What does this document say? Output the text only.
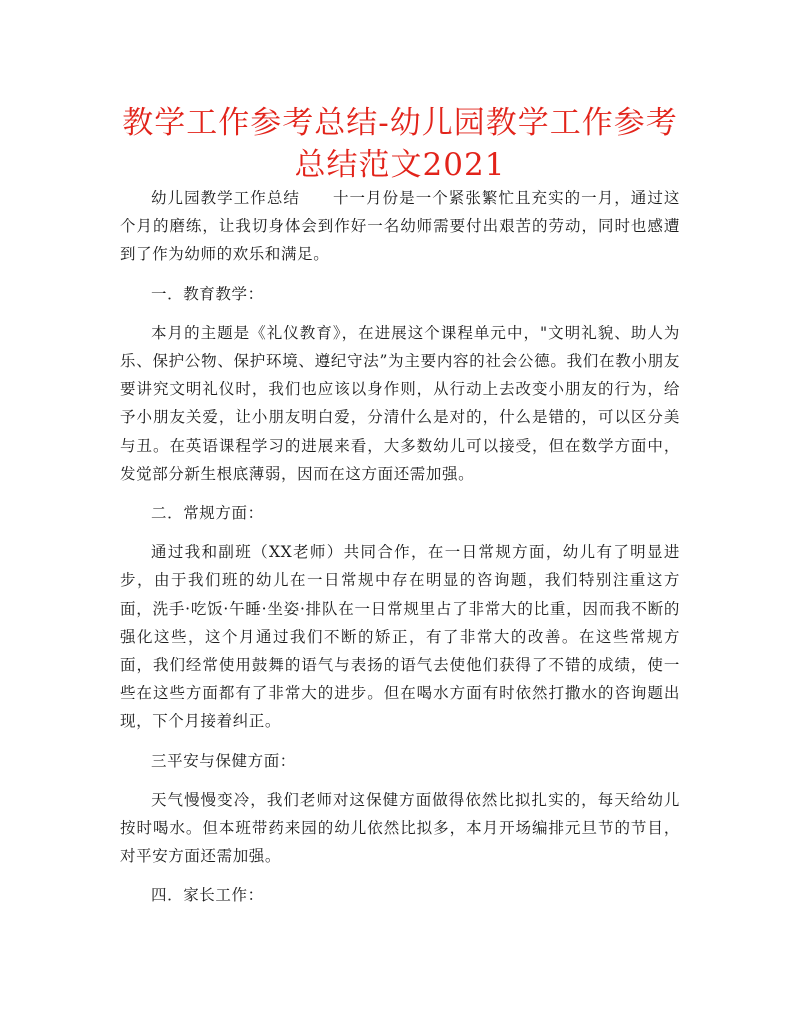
教学工作参考总结-幼儿园教学工作参考总结范文2021

幼儿园教学工作总结　　十一月份是一个紧张繁忙且充实的一月，通过这个月的磨练，让我切身体会到作好一名幼师需要付出艰苦的劳动，同时也感遭到了作为幼师的欢乐和满足。

一．教育教学：

本月的主题是《礼仪教育》，在进展这个课程单元中，"文明礼貌、助人为乐、保护公物、保护环境、遵纪守法”为主要内容的社会公德。我们在教小朋友要讲究文明礼仪时，我们也应该以身作则，从行动上去改变小朋友的行为，给予小朋友关爱，让小朋友明白爱，分清什么是对的，什么是错的，可以区分美与丑。在英语课程学习的进展来看，大多数幼儿可以接受，但在数学方面中，发觉部分新生根底薄弱，因而在这方面还需加强。

二．常规方面：

通过我和副班（XX老师）共同合作，在一日常规方面，幼儿有了明显进步，由于我们班的幼儿在一日常规中存在明显的咨询题，我们特别注重这方面，洗手·吃饭·午睡·坐姿·排队在一日常规里占了非常大的比重，因而我不断的强化这些，这个月通过我们不断的矫正，有了非常大的改善。在这些常规方面，我们经常使用鼓舞的语气与表扬的语气去使他们获得了不错的成绩，使一些在这些方面都有了非常大的进步。但在喝水方面有时依然打撒水的咨询题出现，下个月接着纠正。

三平安与保健方面：

天气慢慢变冷，我们老师对这保健方面做得依然比拟扎实的，每天给幼儿按时喝水。但本班带药来园的幼儿依然比拟多，本月开场编排元旦节的节目，对平安方面还需加强。

四．家长工作：
